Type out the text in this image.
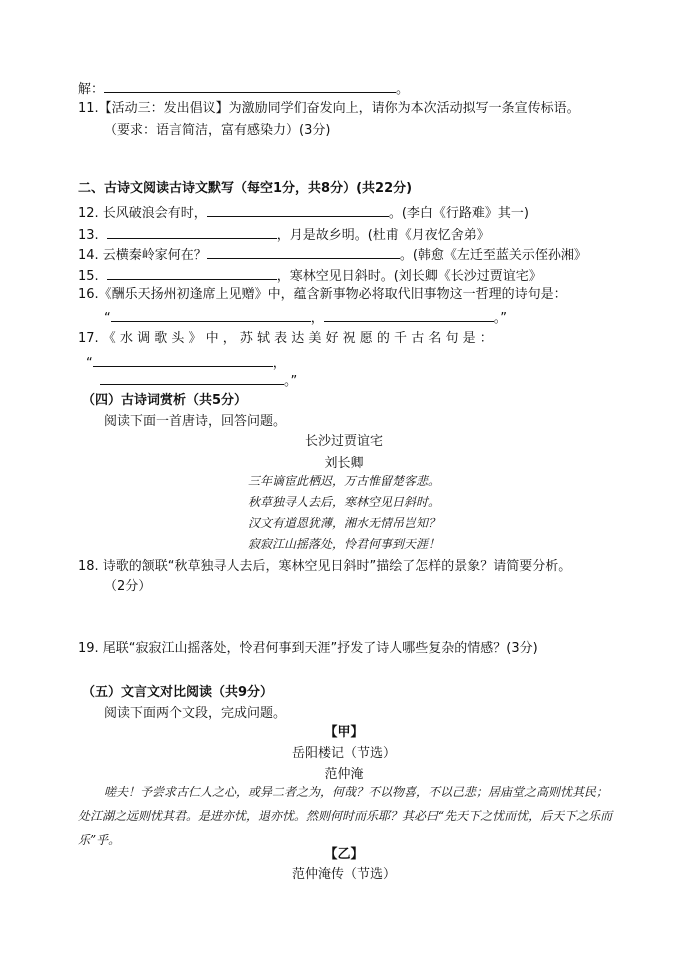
解：	。
11.【活动三：发出倡议】为激励同学们奋发向上，请你为本次活动拟写一条宣传标语。
（要求：语言简洁，富有感染力）(3分)
二、古诗文阅读古诗文默写（每空1分，共8分）(共22分)
12. 长风破浪会有时，	。(李白《行路难》其一)
13.	，月是故乡明。(杜甫《月夜忆舍弟》
14. 云横秦岭家何在？	。(韩愈《左迁至蓝关示侄孙湘》
15.	，寒林空见日斜时。(刘长卿《长沙过贾谊宅》
16.《酬乐天扬州初逢席上见赠》中，蕴含新事物必将取代旧事物这一哲理的诗句是：
“	，	。”
17. 《 水 调 歌 头 》 中 ， 苏 轼 表 达 美 好 祝 愿 的 千 古 名 句 是 ：
“	，
。”
（四）古诗词赏析（共5分）
阅读下面一首唐诗，回答问题。
长沙过贾谊宅
刘长卿
三年谪宦此栖迟，万古惟留楚客悲。
秋草独寻人去后，寒林空见日斜时。
汉文有道恩犹薄，湘水无情吊岂知？
寂寂江山摇落处，怜君何事到天涯！
18. 诗歌的颔联“秋草独寻人去后，寒林空见日斜时”描绘了怎样的景象？请简要分析。
（2分）
19. 尾联“寂寂江山摇落处，怜君何事到天涯”抒发了诗人哪些复杂的情感？(3分)
（五）文言文对比阅读（共9分）
阅读下面两个文段，完成问题。
【甲】
岳阳楼记（节选）
范仲淹
嗟夫！予尝求古仁人之心，或异二者之为，何哉？不以物喜，不以己悲；居庙堂之高则忧其民；处江湖之远则忧其君。是进亦忧，退亦忧。然则何时而乐耶？其必曰“先天下之忧而忧，后天下之乐而乐”乎。
【乙】
范仲淹传（节选）
